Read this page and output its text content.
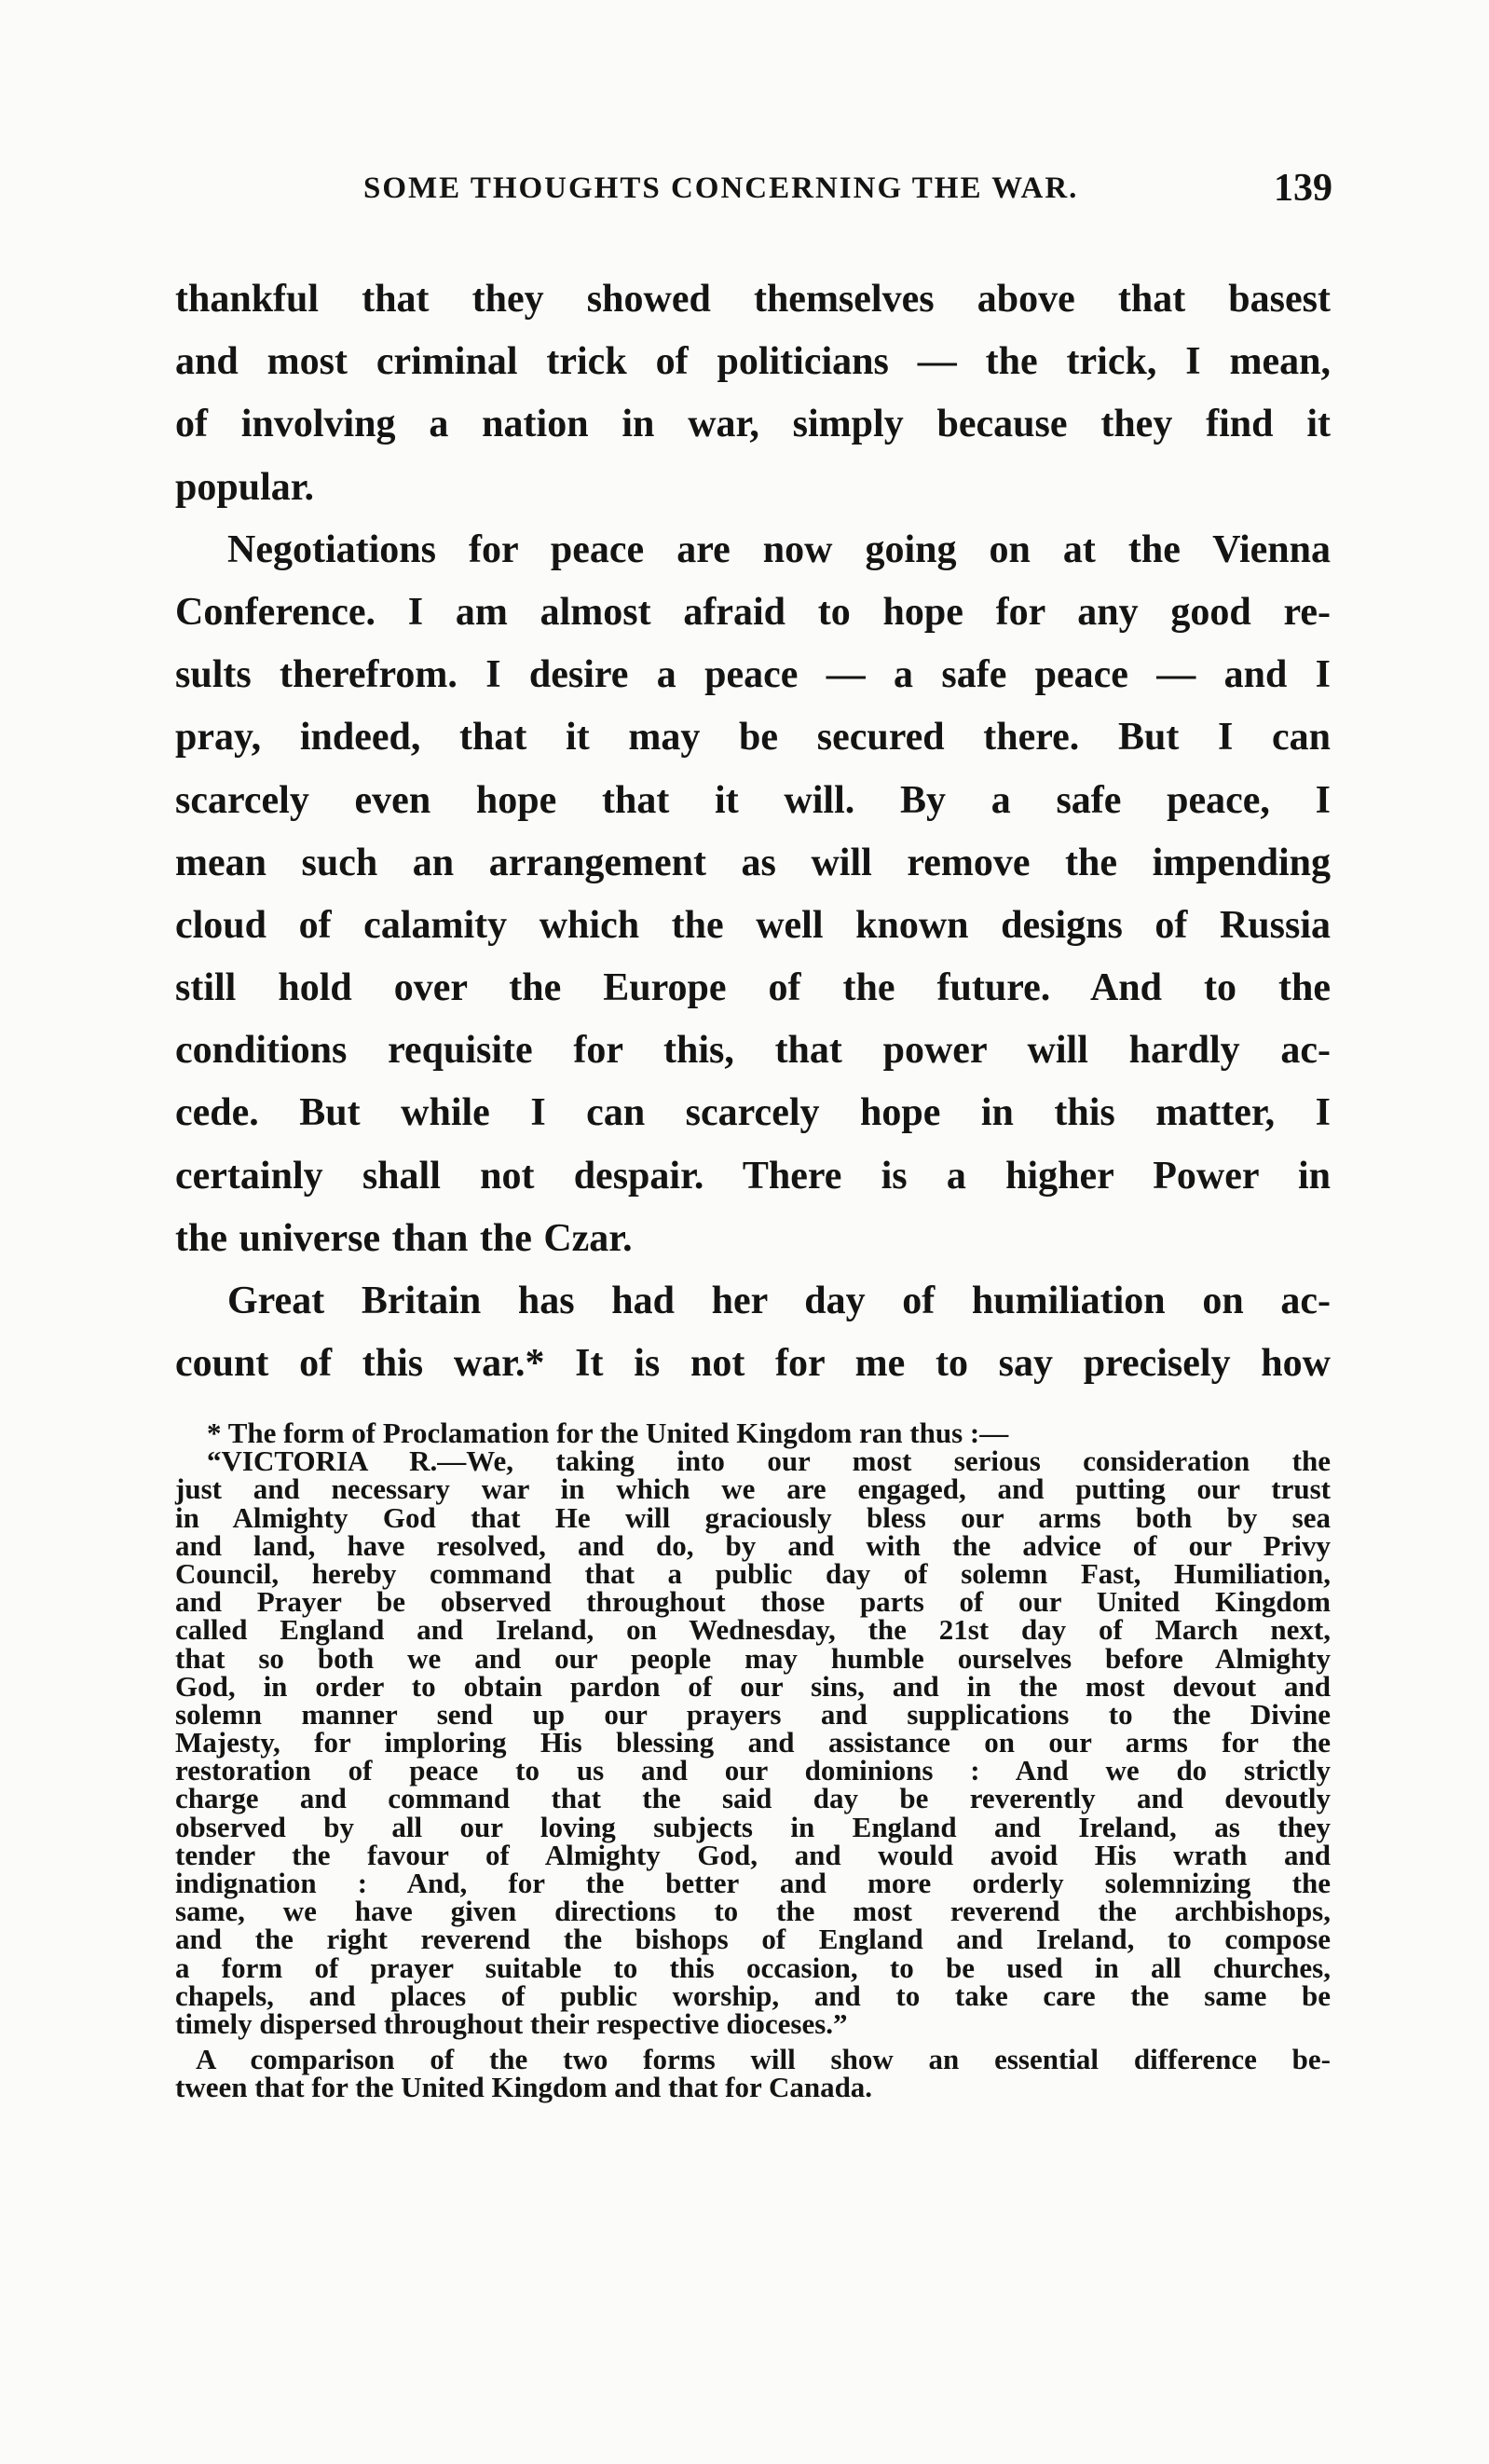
SOME THOUGHTS CONCERNING THE WAR.	139
thankful that they showed themselves above that basest
and most criminal trick of politicians — the trick, I mean,
of involving a nation in war, simply because they find it
popular.
Negotiations for peace are now going on at the Vienna
Conference. I am almost afraid to hope for any good re-
sults therefrom. I desire a peace — a safe peace — and I
pray, indeed, that it may be secured there. But I can
scarcely even hope that it will. By a safe peace, I
mean such an arrangement as will remove the impending
cloud of calamity which the well known designs of Russia
still hold over the Europe of the future. And to the
conditions requisite for this, that power will hardly ac-
cede. But while I can scarcely hope in this matter, I
certainly shall not despair. There is a higher Power in
the universe than the Czar.
Great Britain has had her day of humiliation on ac-
count of this war.* It is not for me to say precisely how
* The form of Proclamation for the United Kingdom ran thus :—
“VICTORIA R.—We, taking into our most serious consideration the
just and necessary war in which we are engaged, and putting our trust
in Almighty God that He will graciously bless our arms both by sea
and land, have resolved, and do, by and with the advice of our Privy
Council, hereby command that a public day of solemn Fast, Humiliation,
and Prayer be observed throughout those parts of our United Kingdom
called England and Ireland, on Wednesday, the 21st day of March next,
that so both we and our people may humble ourselves before Almighty
God, in order to obtain pardon of our sins, and in the most devout and
solemn manner send up our prayers and supplications to the Divine
Majesty, for imploring His blessing and assistance on our arms for the
restoration of peace to us and our dominions : And we do strictly
charge and command that the said day be reverently and devoutly
observed by all our loving subjects in England and Ireland, as they
tender the favour of Almighty God, and would avoid His wrath and
indignation : And, for the better and more orderly solemnizing the
same, we have given directions to the most reverend the archbishops,
and the right reverend the bishops of England and Ireland, to compose
a form of prayer suitable to this occasion, to be used in all churches,
chapels, and places of public worship, and to take care the same be
timely dispersed throughout their respective dioceses.”
A comparison of the two forms will show an essential difference be-
tween that for the United Kingdom and that for Canada.
